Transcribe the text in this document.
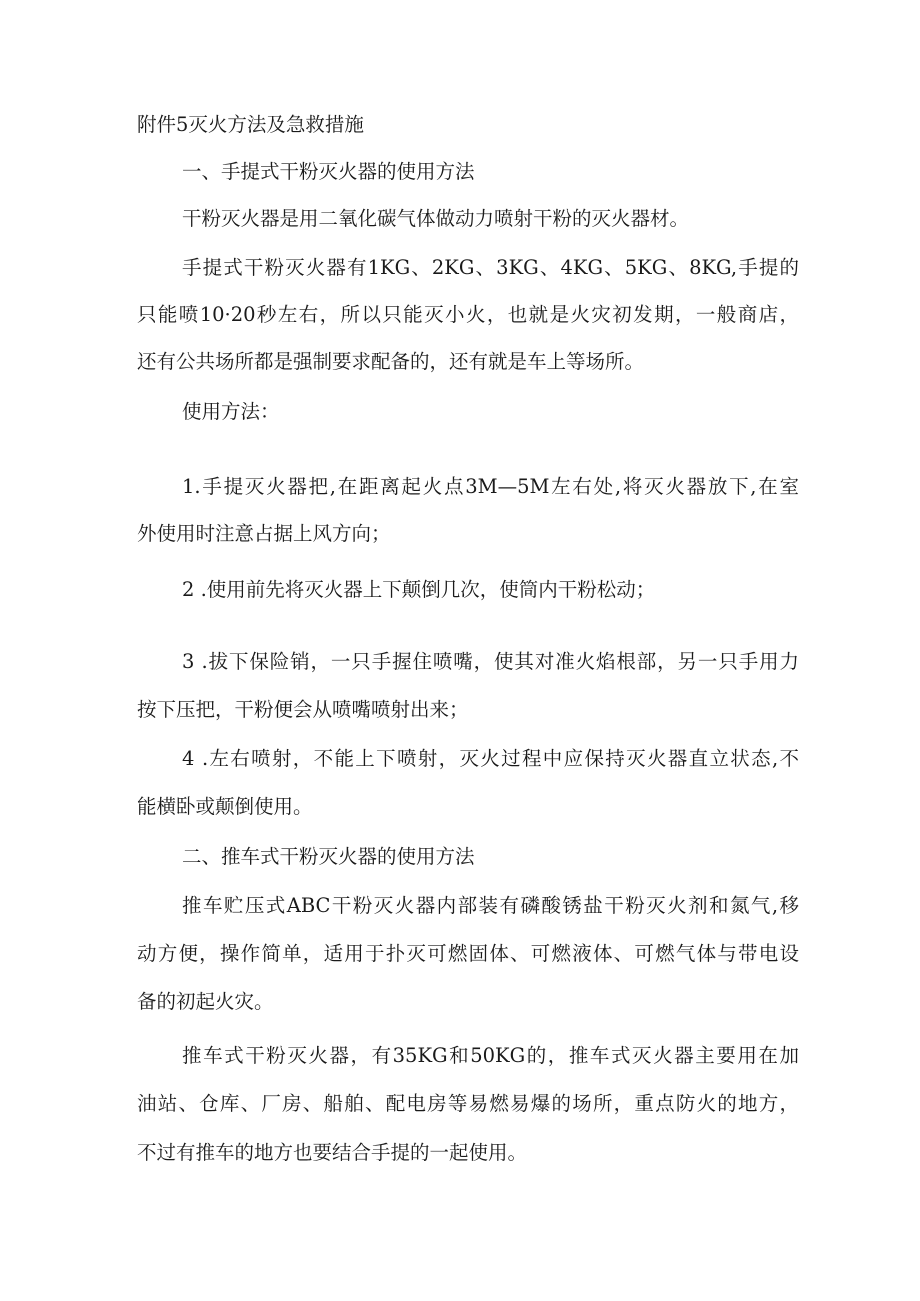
附件5灭火方法及急救措施
一、手提式干粉灭火器的使用方法
干粉灭火器是用二氧化碳气体做动力喷射干粉的灭火器材。
手提式干粉灭火器有1KG、2KG、3KG、4KG、5KG、8KG,手提的
只能喷10·20秒左右，所以只能灭小火，也就是火灾初发期，一般商店，
还有公共场所都是强制要求配备的，还有就是车上等场所。
使用方法：
1.手提灭火器把,在距离起火点3M—5M左右处,将灭火器放下,在室
外使用时注意占据上风方向；
2 .使用前先将灭火器上下颠倒几次，使筒内干粉松动；
3 .拔下保险销，一只手握住喷嘴，使其对准火焰根部，另一只手用力
按下压把，干粉便会从喷嘴喷射出来；
4 .左右喷射，不能上下喷射，灭火过程中应保持灭火器直立状态,不
能横卧或颠倒使用。
二、推车式干粉灭火器的使用方法
推车贮压式ABC干粉灭火器内部装有磷酸锈盐干粉灭火剂和氮气,移
动方便，操作简单，适用于扑灭可燃固体、可燃液体、可燃气体与带电设
备的初起火灾。
推车式干粉灭火器，有35KG和50KG的，推车式灭火器主要用在加
油站、仓库、厂房、船舶、配电房等易燃易爆的场所，重点防火的地方，
不过有推车的地方也要结合手提的一起使用。
